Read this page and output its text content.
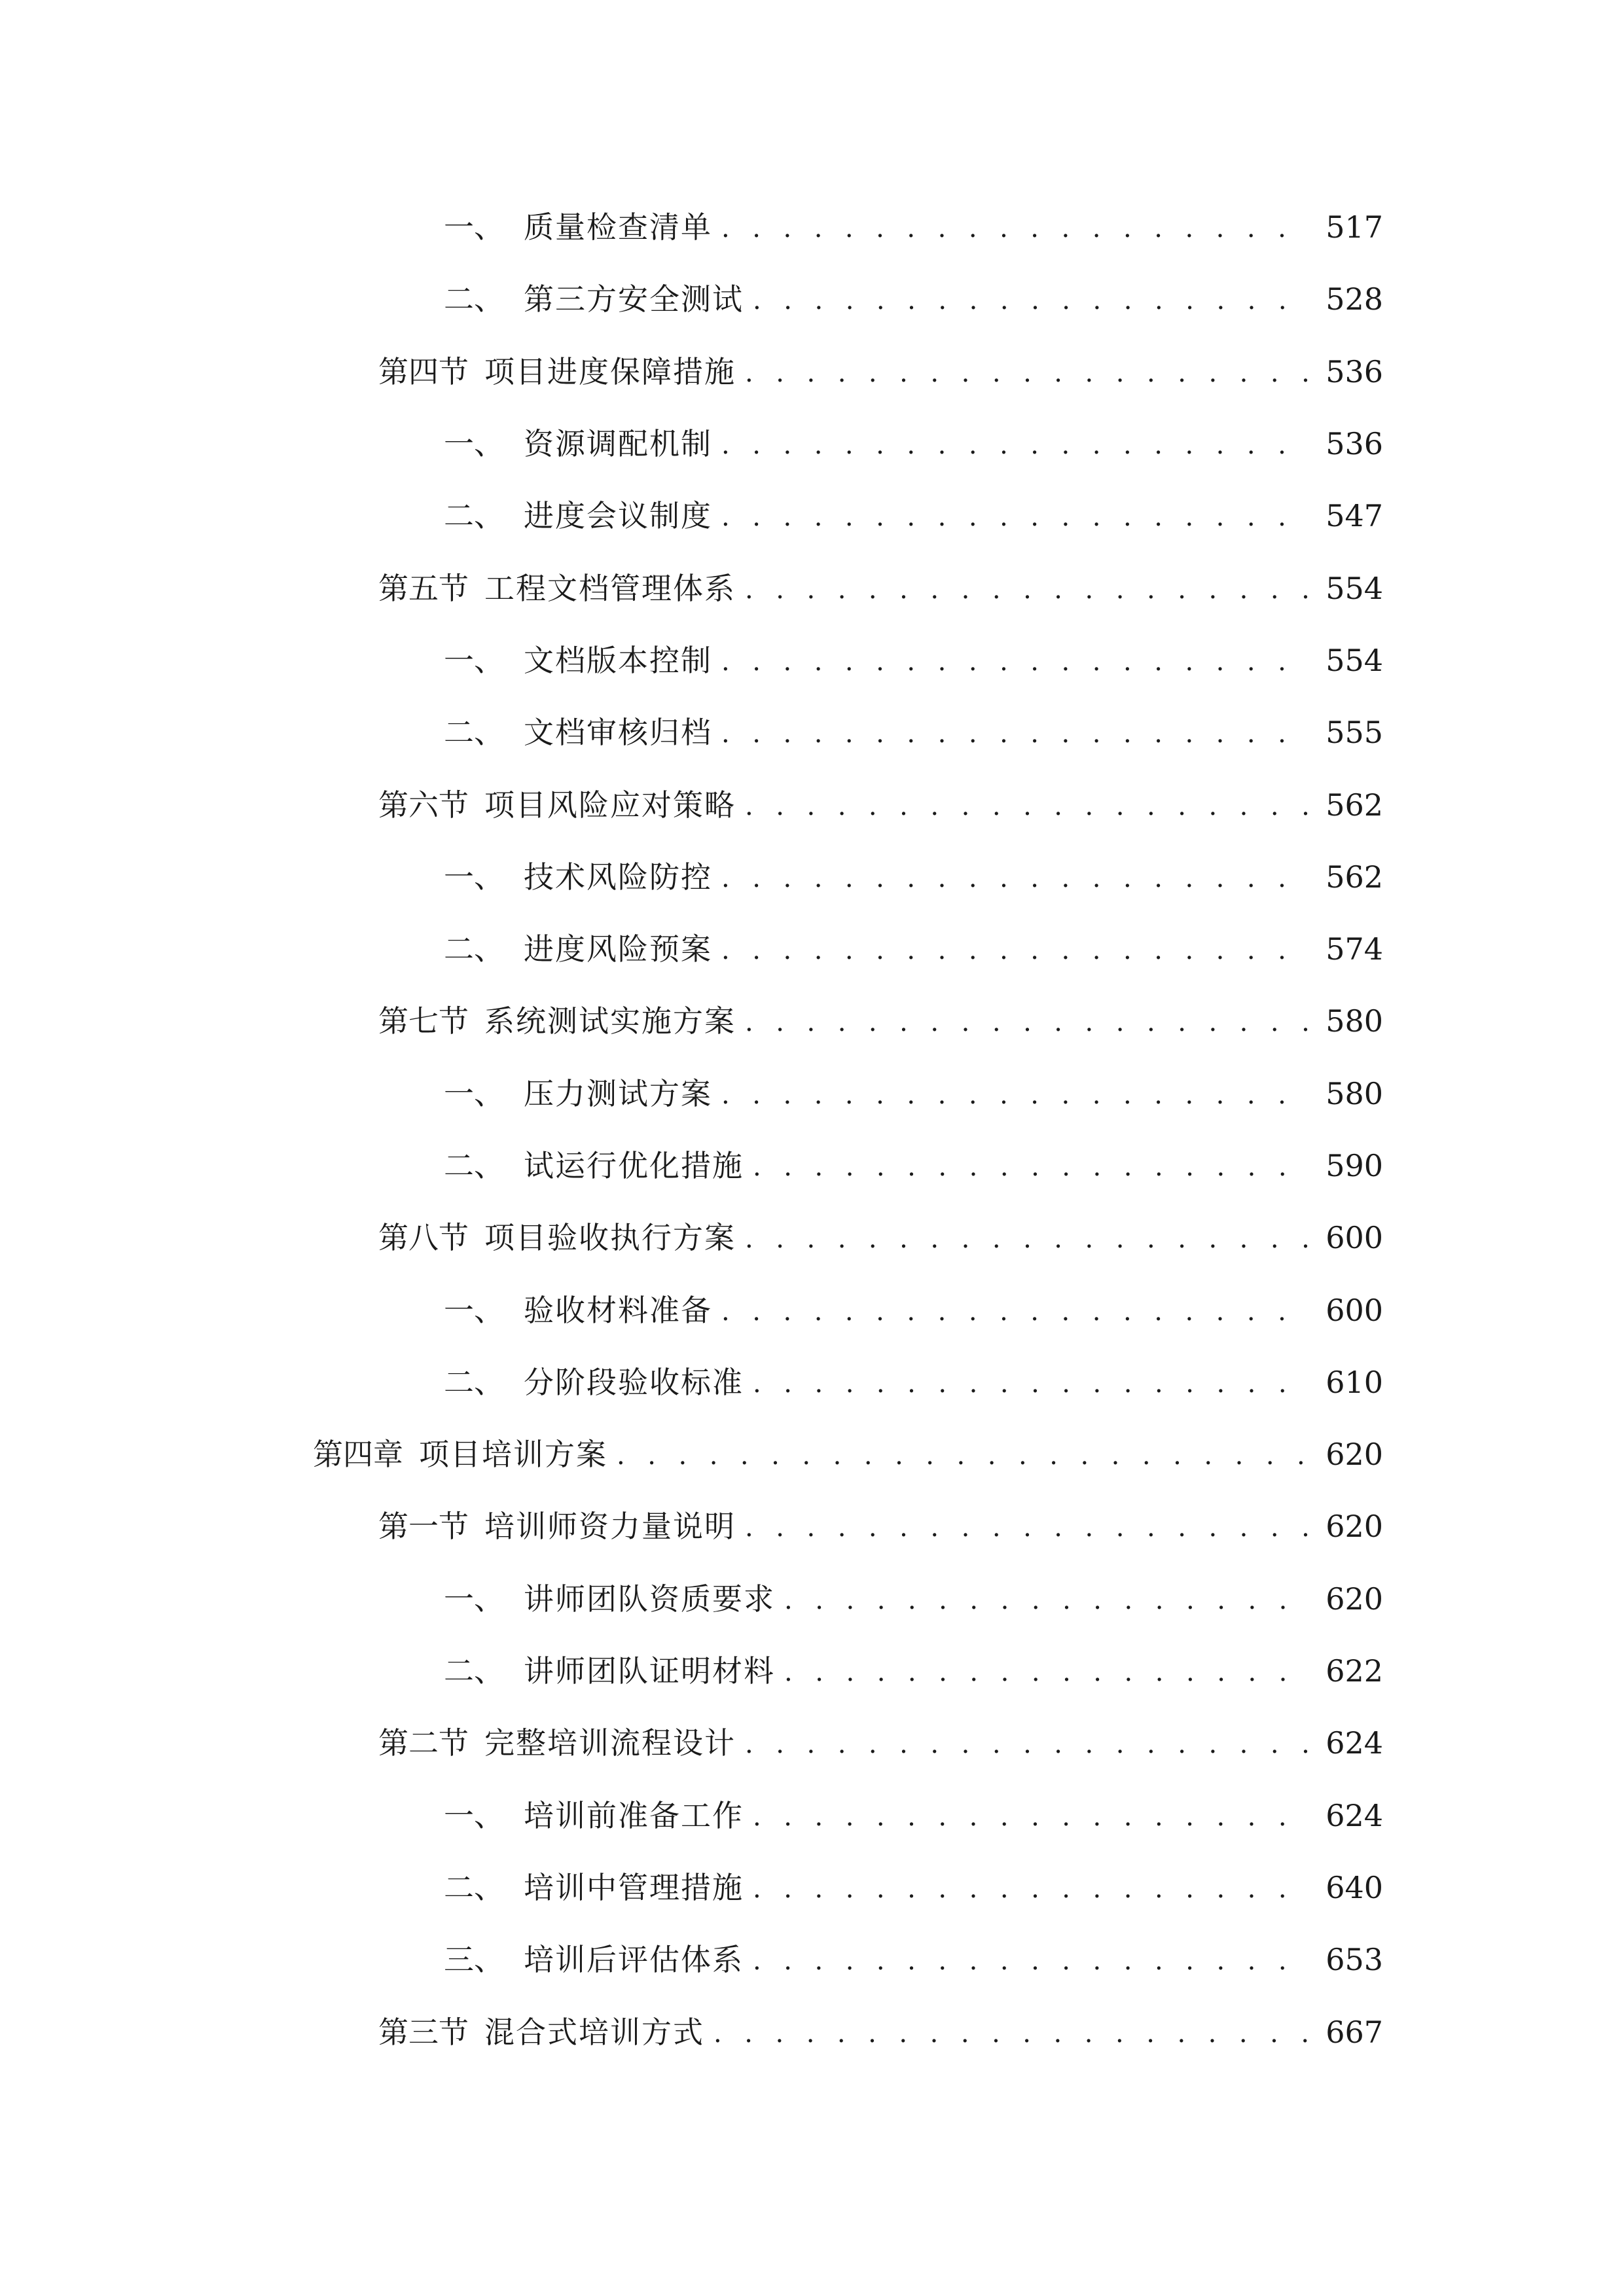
一、 质量检查清单 . . .	517
二、 第三方安全测试 . . .	528
第四节 项目进度保障措施 . . .	536
一、 资源调配机制 . . .	536
二、 进度会议制度 . . .	547
第五节 工程文档管理体系 . . .	554
一、 文档版本控制 . . .	554
二、 文档审核归档 . . .	555
第六节 项目风险应对策略 . . .	562
一、 技术风险防控 . . .	562
二、 进度风险预案 . . .	574
第七节 系统测试实施方案 . . .	580
一、 压力测试方案 . . .	580
二、 试运行优化措施 . . .	590
第八节 项目验收执行方案 . . .	600
一、 验收材料准备 . . .	600
二、 分阶段验收标准 . . .	610
第四章 项目培训方案 . . .	620
第一节 培训师资力量说明 . . .	620
一、 讲师团队资质要求 . . .	620
二、 讲师团队证明材料 . . .	622
第二节 完整培训流程设计 . . .	624
一、 培训前准备工作 . . .	624
二、 培训中管理措施 . . .	640
三、 培训后评估体系 . . .	653
第三节 混合式培训方式 . . .	667
